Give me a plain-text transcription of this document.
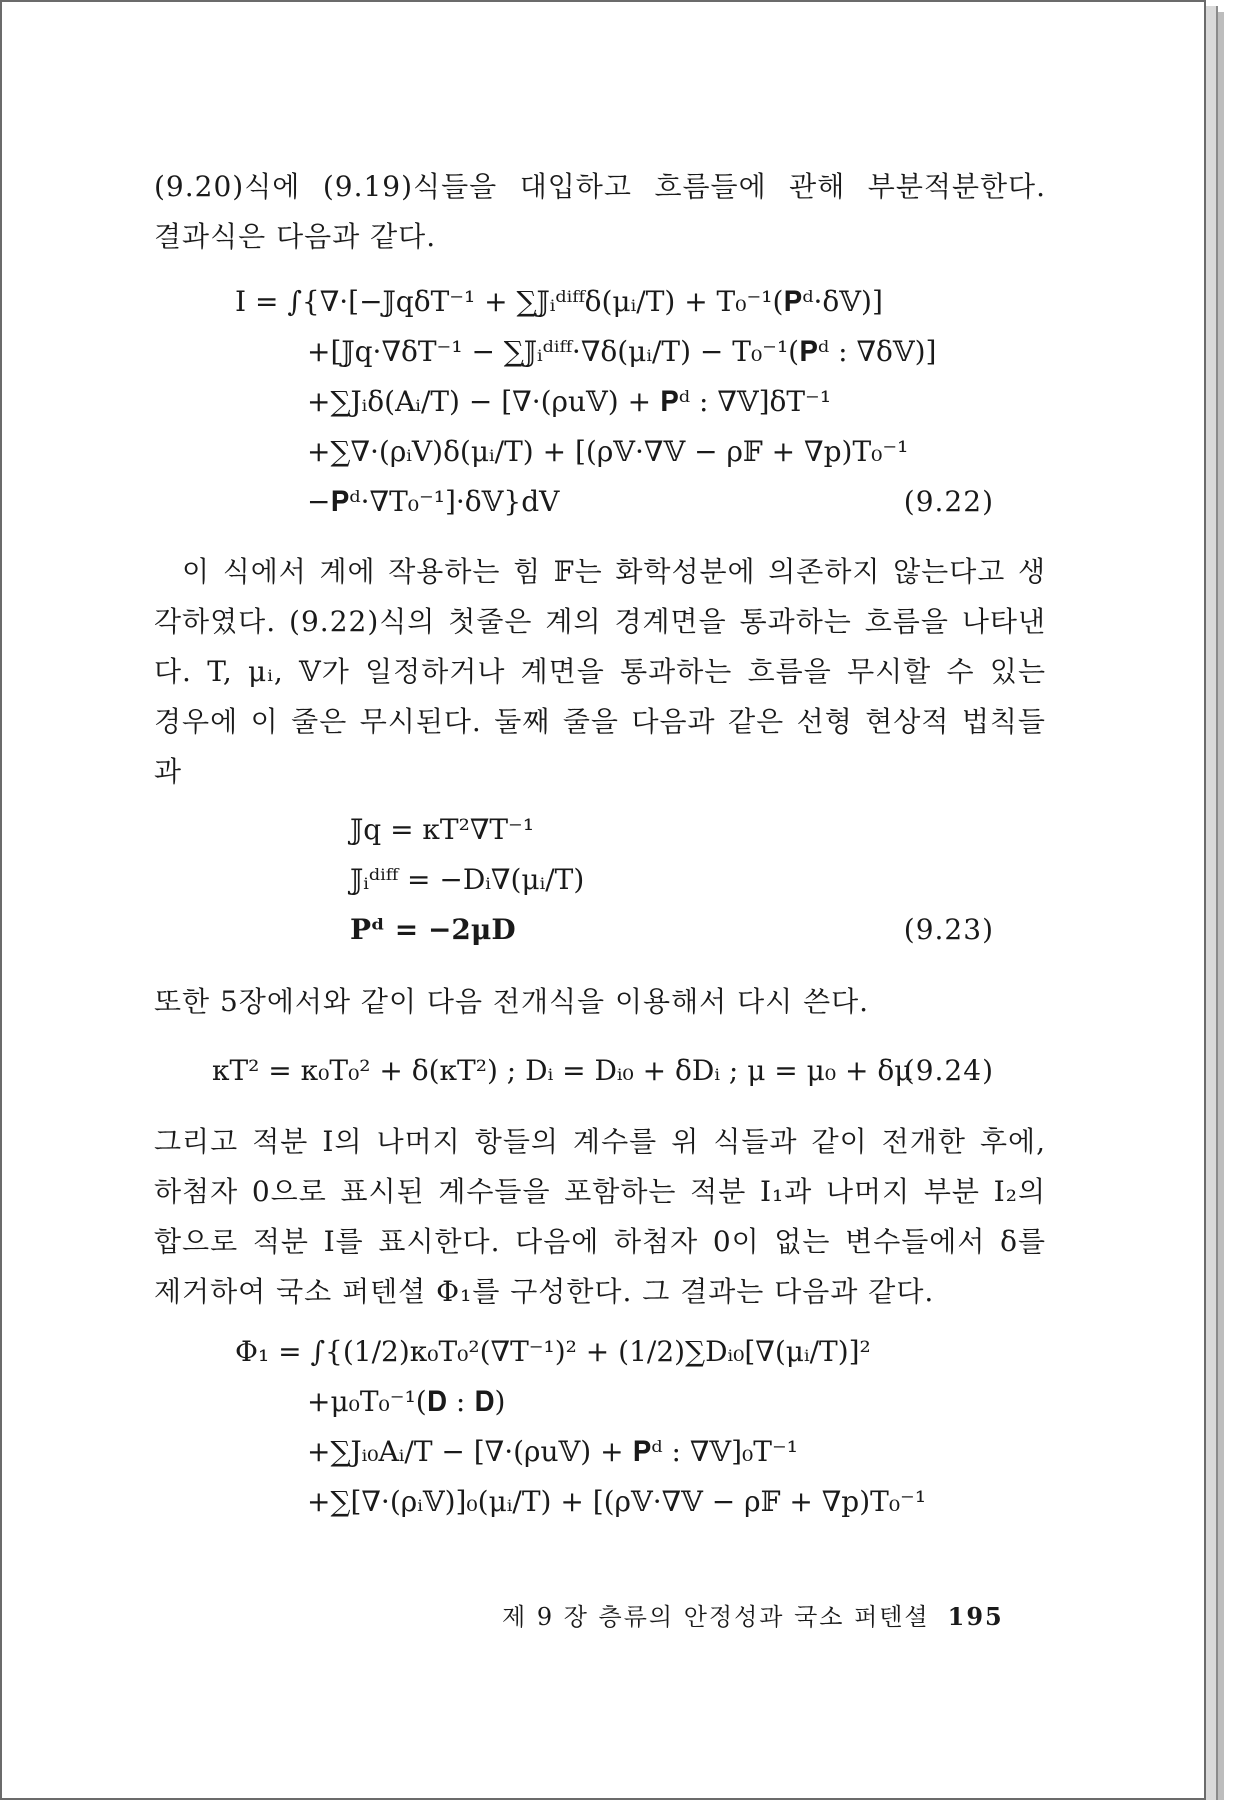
(9.20)식에 (9.19)식들을 대입하고 흐름들에 관해 부분적분한다.
결과식은 다음과 같다.
I = ∫{∇·[−𝕁qδT⁻¹ + ∑𝕁ᵢᵈⁱᶠᶠδ(μᵢ/T) + T₀⁻¹(𝐏ᵈ·δ𝕍)]
+[𝕁q·∇δT⁻¹ − ∑𝕁ᵢᵈⁱᶠᶠ·∇δ(μᵢ/T) − T₀⁻¹(𝐏ᵈ : ∇δ𝕍)]
+∑Jᵢδ(Aᵢ/T) − [∇·(ρu𝕍) + 𝐏ᵈ : ∇𝕍]δT⁻¹
+∑∇·(ρᵢV)δ(μᵢ/T) + [(ρ𝕍·∇𝕍 − ρ𝔽 + ∇p)T₀⁻¹
−𝐏ᵈ·∇T₀⁻¹]·δ𝕍}dV	(9.22)
이 식에서 계에 작용하는 힘 𝔽는 화학성분에 의존하지 않는다고 생
각하였다. (9.22)식의 첫줄은 계의 경계면을 통과하는 흐름을 나타낸
다. T, μᵢ, 𝕍가 일정하거나 계면을 통과하는 흐름을 무시할 수 있는
경우에 이 줄은 무시된다. 둘째 줄을 다음과 같은 선형 현상적 법칙들
과
𝕁q = κT²∇T⁻¹
𝕁ᵢᵈⁱᶠᶠ = −Dᵢ∇(μᵢ/T)
𝐏ᵈ = −2μ𝐃	(9.23)
또한 5장에서와 같이 다음 전개식을 이용해서 다시 쓴다.
κT² = κ₀T₀² + δ(κT²) ; Dᵢ = Dᵢ₀ + δDᵢ ; μ = μ₀ + δμ
(9.24)
그리고 적분 I의 나머지 항들의 계수를 위 식들과 같이 전개한 후에,
하첨자 0으로 표시된 계수들을 포함하는 적분 I₁과 나머지 부분 I₂의
합으로 적분 I를 표시한다. 다음에 하첨자 0이 없는 변수들에서 δ를
제거하여 국소 퍼텐셜 Φ₁를 구성한다. 그 결과는 다음과 같다.
Φ₁ = ∫{(1/2)κ₀T₀²(∇T⁻¹)² + (1/2)∑Dᵢ₀[∇(μᵢ/T)]²
+μ₀T₀⁻¹(𝐃 : 𝐃)
+∑Jᵢ₀Aᵢ/T − [∇·(ρu𝕍) + 𝐏ᵈ : ∇𝕍]₀T⁻¹
+∑[∇·(ρᵢ𝕍)]₀(μᵢ/T) + [(ρ𝕍·∇𝕍 − ρ𝔽 + ∇p)T₀⁻¹
제 9 장 층류의 안정성과 국소 퍼텐셜 195
